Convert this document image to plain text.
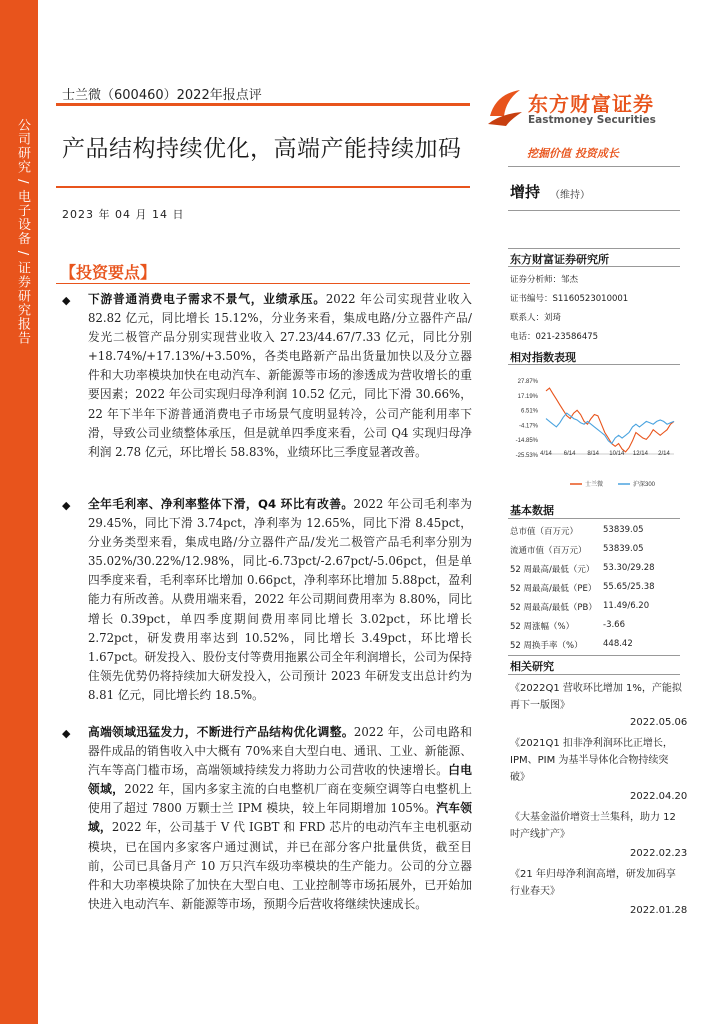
公司研究 / 电子设备 / 证券研究报告
士兰微（600460）2022年报点评
产品结构持续优化，高端产能持续加码
2023 年 04 月 14 日
【投资要点】
◆ 下游普通消费电子需求不景气，业绩承压。2022 年公司实现营业收入 82.82 亿元，同比增长 15.12%，分业务来看，集成电路/分立器件产品/发光二极管产品分别实现营业收入 27.23/44.67/7.33 亿元，同比分别+18.74%/+17.13%/+3.50%，各类电路新产品出货量加快以及分立器件和大功率模块加快在电动汽车、新能源等市场的渗透成为营收增长的重要因素；2022 年公司实现归母净利润 10.52 亿元，同比下滑 30.66%，22 年下半年下游普通消费电子市场景气度明显转冷，公司产能利用率下滑，导致公司业绩整体承压，但是就单四季度来看，公司 Q4 实现归母净利润 2.78 亿元，环比增长 58.83%，业绩环比三季度显著改善。
◆ 全年毛利率、净利率整体下滑，Q4 环比有改善。2022 年公司毛利率为 29.45%，同比下滑 3.74pct，净利率为 12.65%，同比下滑 8.45pct，分业务类型来看，集成电路/分立器件产品/发光二极管产品毛利率分别为 35.02%/30.22%/12.98%，同比-6.73pct/-2.67pct/-5.06pct，但是单四季度来看，毛利率环比增加 0.66pct，净利率环比增加 5.88pct，盈利能力有所改善。从费用端来看，2022 年公司期间费用率为 8.80%，同比增长 0.39pct，单四季度期间费用率同比增长 3.02pct，环比增长 2.72pct，研发费用率达到 10.52%，同比增长 3.49pct，环比增长 1.67pct。研发投入、股份支付等费用拖累公司全年利润增长，公司为保持住领先优势仍将持续加大研发投入，公司预计 2023 年研发支出总计约为 8.81 亿元，同比增长约 18.5%。
◆ 高端领域迅猛发力，不断进行产品结构优化调整。2022 年，公司电路和器件成品的销售收入中大概有 70%来自大型白电、通讯、工业、新能源、汽车等高门槛市场，高端领域持续发力将助力公司营收的快速增长。白电领域，2022 年，国内多家主流的白电整机厂商在变频空调等白电整机上使用了超过 7800 万颗士兰 IPM 模块，较上年同期增加 105%。汽车领域，2022 年，公司基于 V 代 IGBT 和 FRD 芯片的电动汽车主电机驱动模块，已在国内多家客户通过测试，并已在部分客户批量供货，截至目前，公司已具备月产 10 万只汽车级功率模块的生产能力。公司的分立器件和大功率模块除了加快在大型白电、工业控制等市场拓展外，已开始加快进入电动汽车、新能源等市场，预期今后营收将继续快速成长。
东方财富证券
Eastmoney Securities
挖掘价值 投资成长
增持 （维持）
东方财富证券研究所
证券分析师：邹杰
证书编号：S1160523010001
联系人：刘琦
电话：021-23586475
相对指数表现
27.87%
17.19%
6.51%
-4.17%
-14.85%
-25.53% 4/14 6/14 8/14 10/14 12/14 2/14
士兰微	沪深300
基本数据
相关研究
《2022Q1 营收环比增加 1%，产能拟再下一版图》
2022.05.06
《2021Q1 扣非净利润环比正增长，IPM、PIM 为基半导体化合物持续突破》
2022.04.20
《大基金溢价增资士兰集科，助力 12 吋产线扩产》
2022.02.23
《21 年归母净利润高增，研发加码享行业春天》
2022.01.28
总市值（百万元）	53839.05
流通市值（百万元） 53839.05
52 周最高/最低（元） 53.30/29.28
52 周最高/最低（PE） 55.65/25.38
52 周最高/最低（PB） 11.49/6.20
52 周涨幅（%）	-3.66
52 周换手率（%） 448.42
